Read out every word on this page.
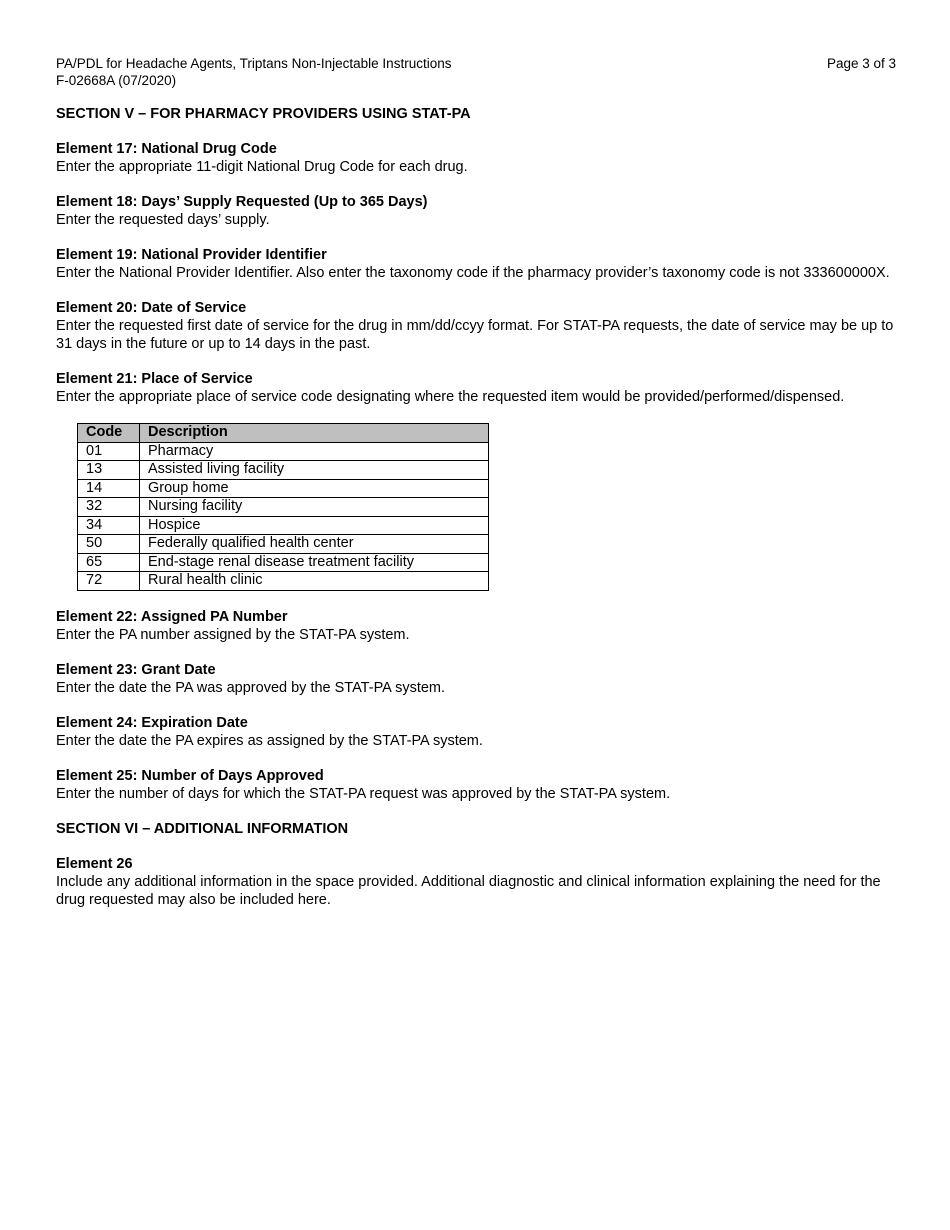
PA/PDL for Headache Agents, Triptans Non-Injectable Instructions
F-02668A (07/2020)
Page 3 of 3
SECTION V – FOR PHARMACY PROVIDERS USING STAT-PA
Element 17: National Drug Code
Enter the appropriate 11-digit National Drug Code for each drug.
Element 18: Days’ Supply Requested (Up to 365 Days)
Enter the requested days’ supply.
Element 19: National Provider Identifier
Enter the National Provider Identifier. Also enter the taxonomy code if the pharmacy provider’s taxonomy code is not 333600000X.
Element 20: Date of Service
Enter the requested first date of service for the drug in mm/dd/ccyy format. For STAT-PA requests, the date of service may be up to 31 days in the future or up to 14 days in the past.
Element 21: Place of Service
Enter the appropriate place of service code designating where the requested item would be provided/performed/dispensed.
Code	Description
01	Pharmacy
13	Assisted living facility
14	Group home
32	Nursing facility
34	Hospice
50	Federally qualified health center
65	End-stage renal disease treatment facility
72	Rural health clinic
Element 22: Assigned PA Number
Enter the PA number assigned by the STAT-PA system.
Element 23: Grant Date
Enter the date the PA was approved by the STAT-PA system.
Element 24: Expiration Date
Enter the date the PA expires as assigned by the STAT-PA system.
Element 25: Number of Days Approved
Enter the number of days for which the STAT-PA request was approved by the STAT-PA system.
SECTION VI – ADDITIONAL INFORMATION
Element 26
Include any additional information in the space provided. Additional diagnostic and clinical information explaining the need for the drug requested may also be included here.
